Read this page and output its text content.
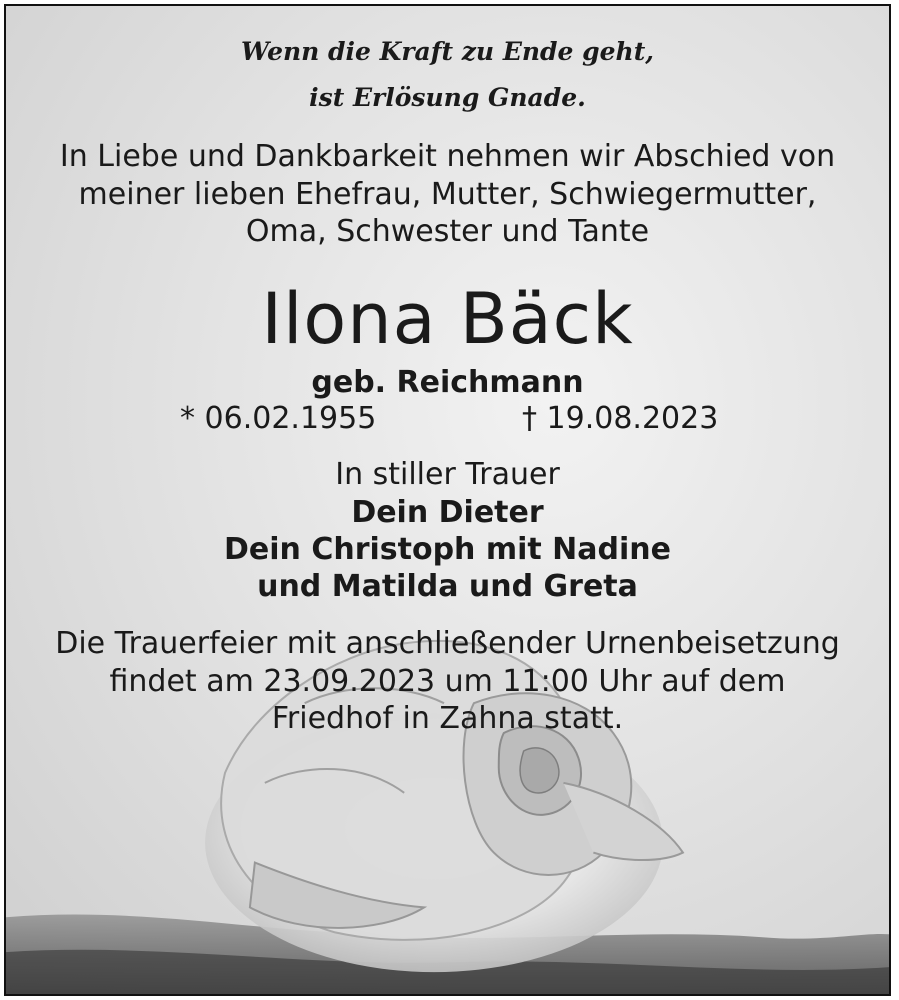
Wenn die Kraft zu Ende geht,
ist Erlösung Gnade.
In Liebe und Dankbarkeit nehmen wir Abschied von
meiner lieben Ehefrau, Mutter, Schwiegermutter,
Oma, Schwester und Tante
Ilona Bäck
geb. Reichmann
* 06.02.1955	† 19.08.2023
In stiller Trauer
Dein Dieter
Dein Christoph mit Nadine
und Matilda und Greta
Die Trauerfeier mit anschließender Urnenbeisetzung
findet am 23.09.2023 um 11:00 Uhr auf dem
Friedhof in Zahna statt.
